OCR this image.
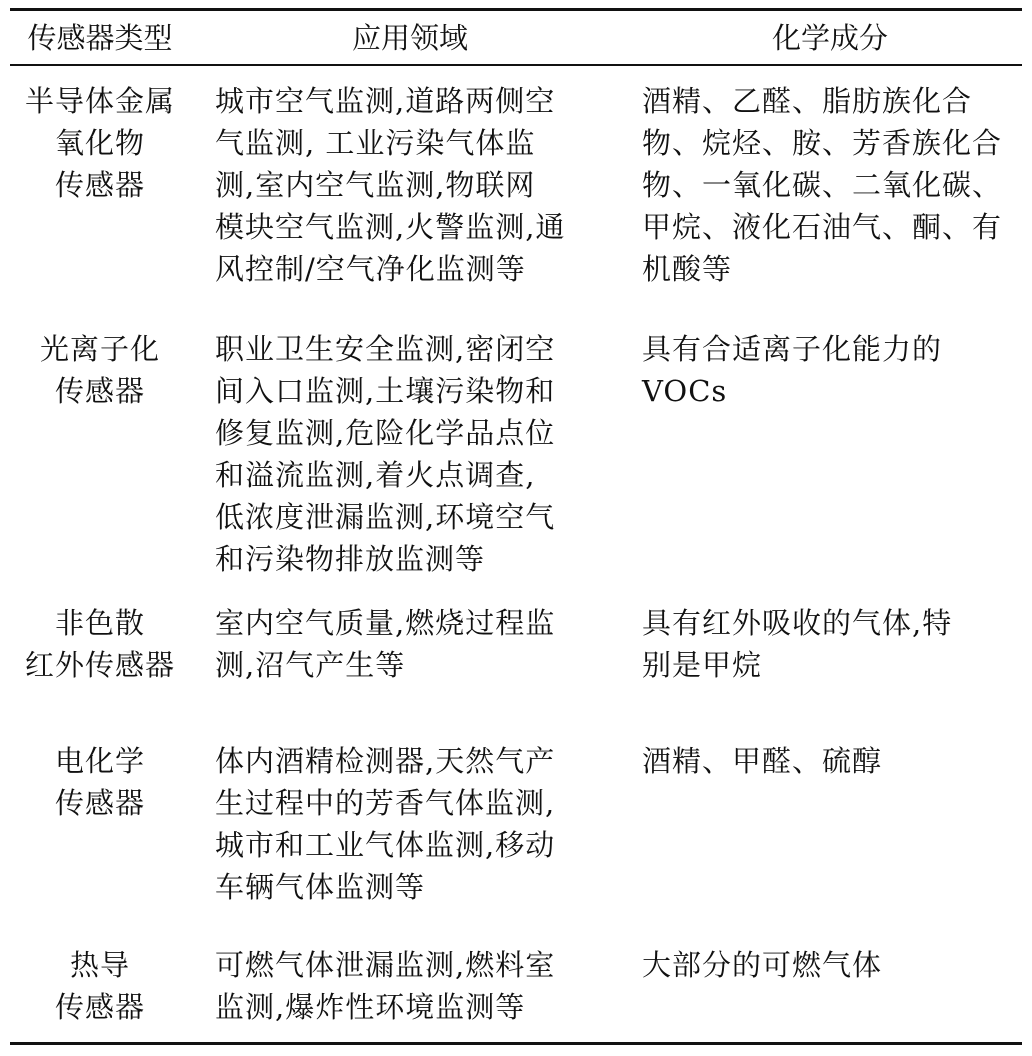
传感器类型	应用领域	化学成分
半导体金属
氧化物
传感器
城市空气监测,道路两侧空
气监测, 工业污染气体监
测,室内空气监测,物联网
模块空气监测,火警监测,通
风控制/空气净化监测等
酒精、乙醛、脂肪族化合
物、烷烃、胺、芳香族化合
物、一氧化碳、二氧化碳、
甲烷、液化石油气、酮、有
机酸等
光离子化
传感器
职业卫生安全监测,密闭空
间入口监测,土壤污染物和
修复监测,危险化学品点位
和溢流监测,着火点调查,
低浓度泄漏监测,环境空气
和污染物排放监测等
具有合适离子化能力的
VOCs
非色散
红外传感器
室内空气质量,燃烧过程监
测,沼气产生等
具有红外吸收的气体,特
别是甲烷
电化学
传感器
体内酒精检测器,天然气产
生过程中的芳香气体监测,
城市和工业气体监测,移动
车辆气体监测等
酒精、甲醛、硫醇
热导
传感器
可燃气体泄漏监测,燃料室
监测,爆炸性环境监测等
大部分的可燃气体
